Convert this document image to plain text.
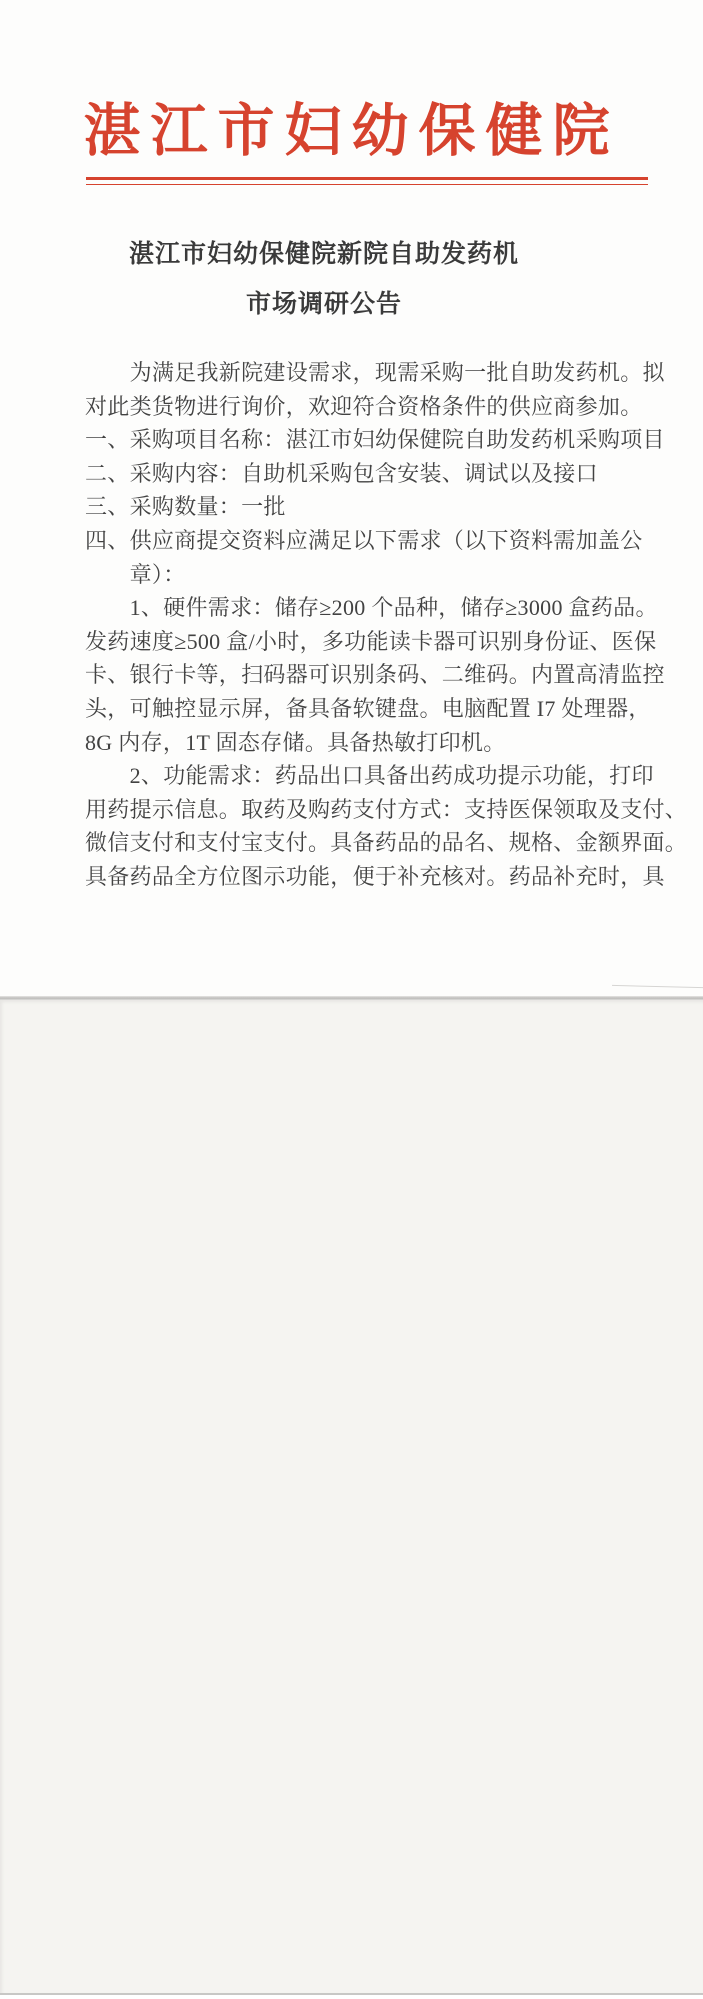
湛江市妇幼保健院
湛江市妇幼保健院新院自助发药机
市场调研公告
　　为满足我新院建设需求，现需采购一批自助发药机。拟
对此类货物进行询价，欢迎符合资格条件的供应商参加。
一、采购项目名称：湛江市妇幼保健院自助发药机采购项目
二、采购内容：自助机采购包含安装、调试以及接口
三、采购数量：一批
四、供应商提交资料应满足以下需求（以下资料需加盖公
　　章）：
　　1、硬件需求：储存≥200 个品种，储存≥3000 盒药品。
发药速度≥500 盒/小时，多功能读卡器可识别身份证、医保
卡、银行卡等，扫码器可识别条码、二维码。内置高清监控
头，可触控显示屏，备具备软键盘。电脑配置 I7 处理器，
8G 内存，1T 固态存储。具备热敏打印机。
　　2、功能需求：药品出口具备出药成功提示功能，打印
用药提示信息。取药及购药支付方式：支持医保领取及支付、
微信支付和支付宝支付。具备药品的品名、规格、金额界面。
具备药品全方位图示功能，便于补充核对。药品补充时，具
